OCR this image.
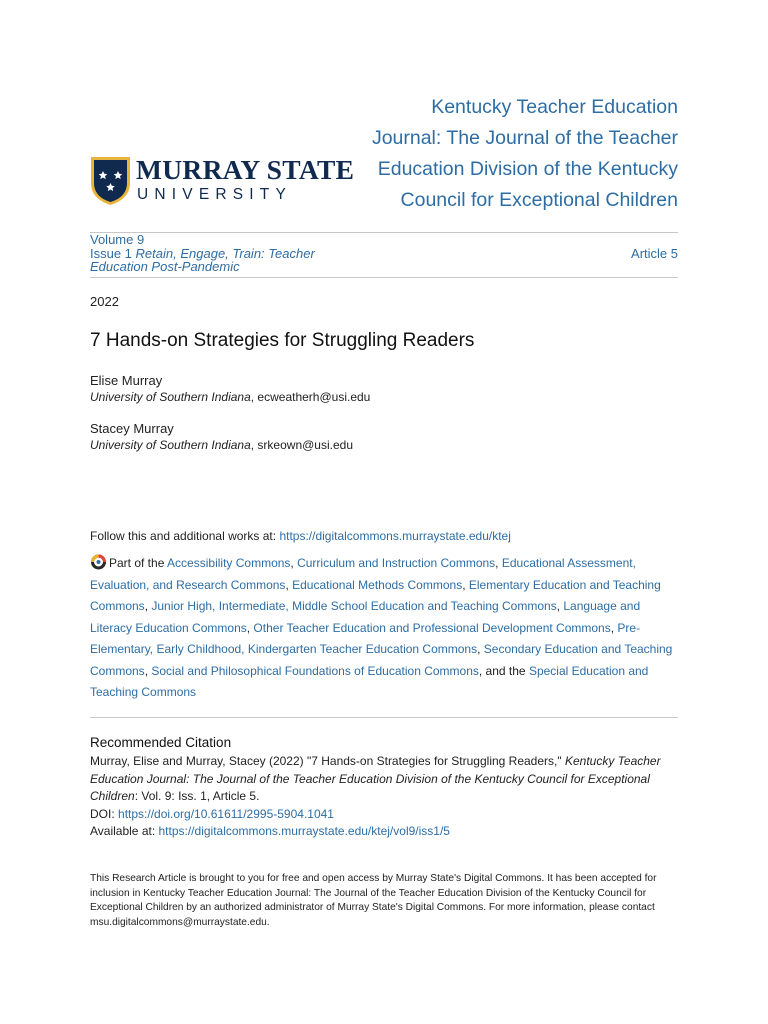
MURRAY STATE
UNIVERSITY
Kentucky Teacher Education Journal: The Journal of the Teacher Education Division of the Kentucky Council for Exceptional Children
Volume 9
Issue 1 Retain, Engage, Train: Teacher Education Post-Pandemic
Article 5
2022
7 Hands-on Strategies for Struggling Readers
Elise Murray
University of Southern Indiana, ecweatherh@usi.edu
Stacey Murray
University of Southern Indiana, srkeown@usi.edu
Follow this and additional works at: https://digitalcommons.murraystate.edu/ktej
Part of the Accessibility Commons, Curriculum and Instruction Commons, Educational Assessment, Evaluation, and Research Commons, Educational Methods Commons, Elementary Education and Teaching Commons, Junior High, Intermediate, Middle School Education and Teaching Commons, Language and Literacy Education Commons, Other Teacher Education and Professional Development Commons, Pre-Elementary, Early Childhood, Kindergarten Teacher Education Commons, Secondary Education and Teaching Commons, Social and Philosophical Foundations of Education Commons, and the Special Education and Teaching Commons
Recommended Citation
Murray, Elise and Murray, Stacey (2022) "7 Hands-on Strategies for Struggling Readers," Kentucky Teacher Education Journal: The Journal of the Teacher Education Division of the Kentucky Council for Exceptional Children: Vol. 9: Iss. 1, Article 5.
DOI: https://doi.org/10.61611/2995-5904.1041
Available at: https://digitalcommons.murraystate.edu/ktej/vol9/iss1/5
This Research Article is brought to you for free and open access by Murray State's Digital Commons. It has been accepted for inclusion in Kentucky Teacher Education Journal: The Journal of the Teacher Education Division of the Kentucky Council for Exceptional Children by an authorized administrator of Murray State's Digital Commons. For more information, please contact msu.digitalcommons@murraystate.edu.
